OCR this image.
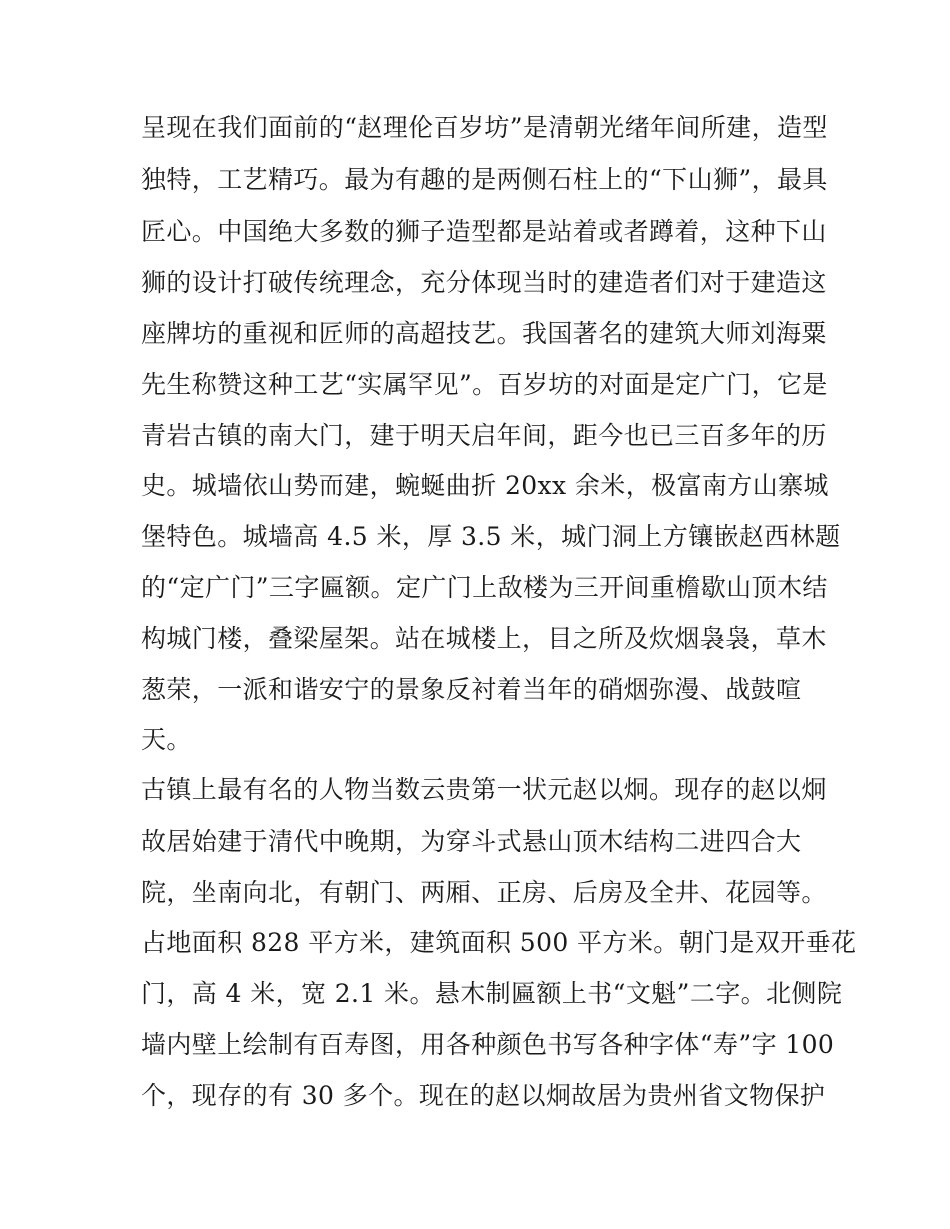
呈现在我们面前的“赵理伦百岁坊”是清朝光绪年间所建，造型
独特，工艺精巧。最为有趣的是两侧石柱上的“下山狮”，最具
匠心。中国绝大多数的狮子造型都是站着或者蹲着，这种下山
狮的设计打破传统理念，充分体现当时的建造者们对于建造这
座牌坊的重视和匠师的高超技艺。我国著名的建筑大师刘海粟
先生称赞这种工艺“实属罕见”。百岁坊的对面是定广门，它是
青岩古镇的南大门，建于明天启年间，距今也已三百多年的历
史。城墙依山势而建，蜿蜒曲折 20xx 余米，极富南方山寨城
堡特色。城墙高 4.5 米，厚 3.5 米，城门洞上方镶嵌赵西林题
的“定广门”三字匾额。定广门上敌楼为三开间重檐歇山顶木结
构城门楼，叠梁屋架。站在城楼上，目之所及炊烟袅袅，草木
葱荣，一派和谐安宁的景象反衬着当年的硝烟弥漫、战鼓喧
天。
古镇上最有名的人物当数云贵第一状元赵以炯。现存的赵以炯
故居始建于清代中晚期，为穿斗式悬山顶木结构二进四合大
院，坐南向北，有朝门、两厢、正房、后房及全井、花园等。
占地面积 828 平方米，建筑面积 500 平方米。朝门是双开垂花
门，高 4 米，宽 2.1 米。悬木制匾额上书“文魁”二字。北侧院
墙内壁上绘制有百寿图，用各种颜色书写各种字体“寿”字 100
个，现存的有 30 多个。现在的赵以炯故居为贵州省文物保护
